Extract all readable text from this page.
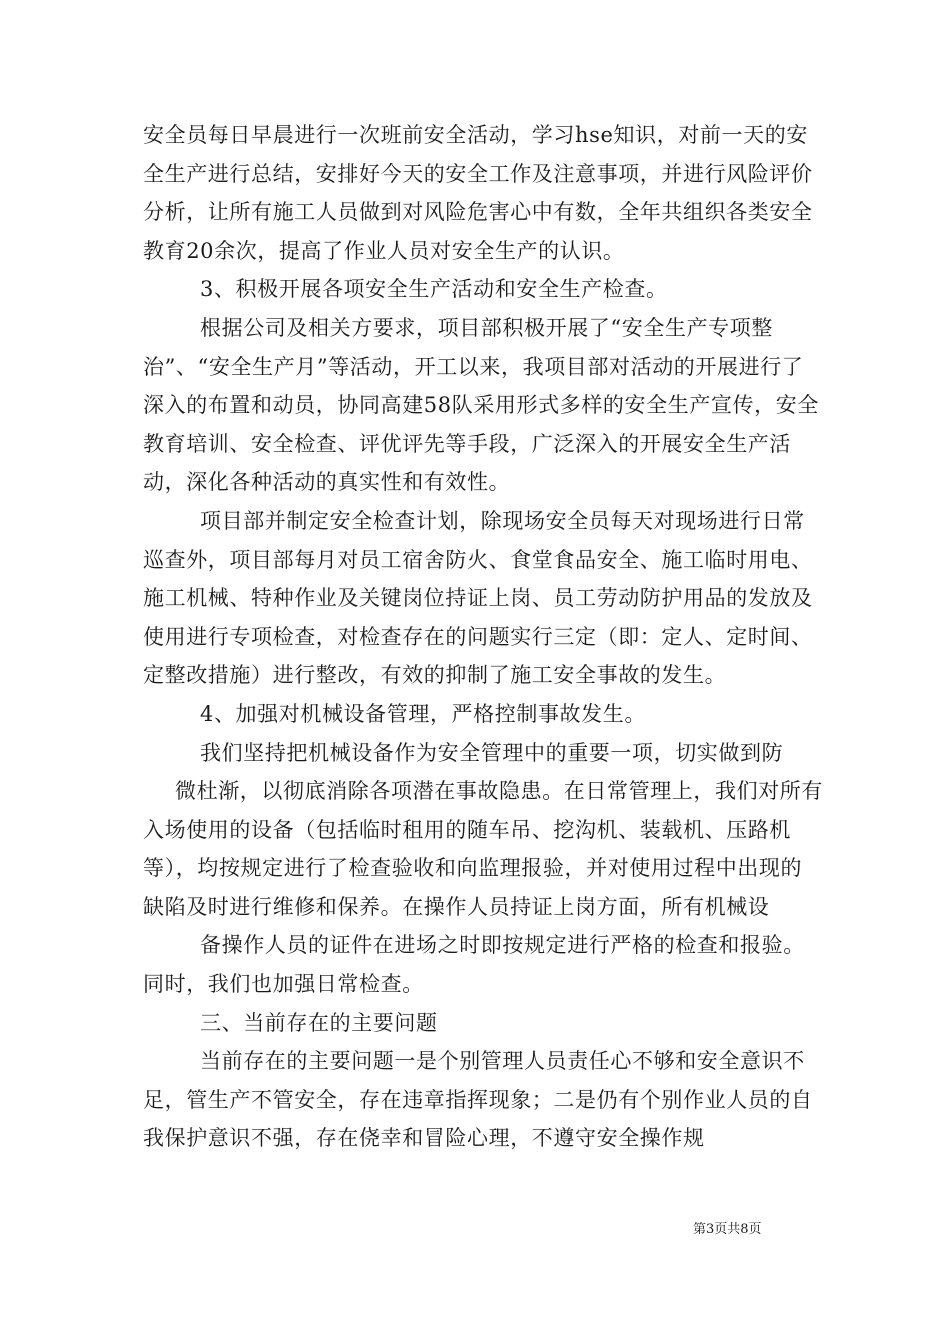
安全员每日早晨进行一次班前安全活动，学习hse知识，对前一天的安全生产进行总结，安排好今天的安全工作及注意事项，并进行风险评价分析，让所有施工人员做到对风险危害心中有数，全年共组织各类安全教育20余次，提高了作业人员对安全生产的认识。

3、积极开展各项安全生产活动和安全生产检查。

根据公司及相关方要求，项目部积极开展了“安全生产专项整治”、“安全生产月”等活动，开工以来，我项目部对活动的开展进行了深入的布置和动员，协同高建58队采用形式多样的安全生产宣传，安全教育培训、安全检查、评优评先等手段，广泛深入的开展安全生产活动，深化各种活动的真实性和有效性。

项目部并制定安全检查计划，除现场安全员每天对现场进行日常巡查外，项目部每月对员工宿舍防火、食堂食品安全、施工临时用电、施工机械、特种作业及关键岗位持证上岗、员工劳动防护用品的发放及使用进行专项检查，对检查存在的问题实行三定（即：定人、定时间、定整改措施）进行整改，有效的抑制了施工安全事故的发生。

4、加强对机械设备管理，严格控制事故发生。

我们坚持把机械设备作为安全管理中的重要一项，切实做到防

微杜渐，以彻底消除各项潜在事故隐患。在日常管理上，我们对所有入场使用的设备（包括临时租用的随车吊、挖沟机、装载机、压路机等），均按规定进行了检查验收和向监理报验，并对使用过程中出现的缺陷及时进行维修和保养。在操作人员持证上岗方面，所有机械设

备操作人员的证件在进场之时即按规定进行严格的检查和报验。同时，我们也加强日常检查。

三、当前存在的主要问题

当前存在的主要问题一是个别管理人员责任心不够和安全意识不足，管生产不管安全，存在违章指挥现象；二是仍有个别作业人员的自我保护意识不强，存在侥幸和冒险心理，不遵守安全操作规

第3页共8页
